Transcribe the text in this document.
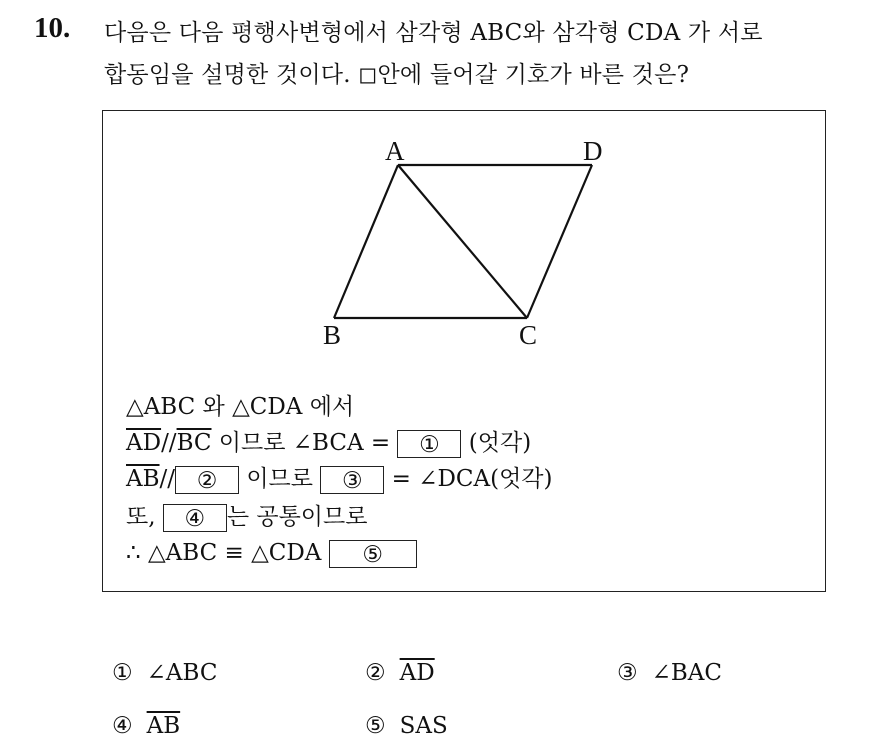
10. 다음은 다음 평행사변형에서 삼각형 ABC와 삼각형 CDA 가 서로
합동임을 설명한 것이다. ◻안에 들어갈 기호가 바른 것은?
A	D
B	C
△ABC 와 △CDA 에서
$\overline{AD}//\overline{BC}$ 이므로 ∠BCA = ① (엇각)
$\overline{AB}//$ ② 이므로 ③ = ∠DCA(엇각)
또, ④ 는 공통이므로
∴ △ABC ≡ △CDA ⑤
① ∠ABC	② $\overline{AD}$	③ ∠BAC
④ $\overline{AB}$	⑤ SAS
